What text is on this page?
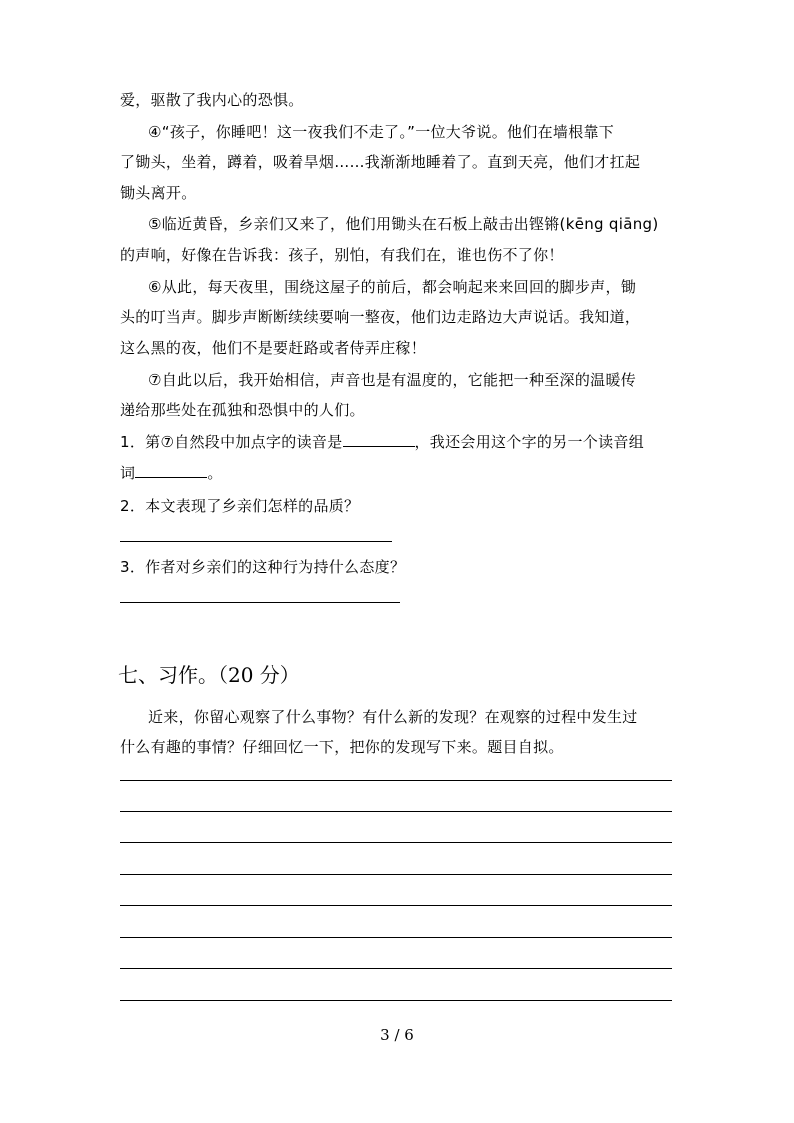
爱，驱散了我内心的恐惧。
④“孩子，你睡吧！这一夜我们不走了。”一位大爷说。他们在墙根靠下
了锄头，坐着，蹲着，吸着旱烟……我渐渐地睡着了。直到天亮，他们才扛起
锄头离开。
⑤临近黄昏，乡亲们又来了，他们用锄头在石板上敲击出铿锵(kēng qiāng)
的声响，好像在告诉我：孩子，别怕，有我们在，谁也伤不了你！
⑥从此，每天夜里，围绕这屋子的前后，都会响起来来回回的脚步声，锄
头的叮当声。脚步声断断续续要响一整夜，他们边走路边大声说话。我知道，
这么黑的夜，他们不是要赶路或者侍弄庄稼！
⑦自此以后，我开始相信，声音也是有温度的，它能把一种至深的温暖传
递给那些处在孤独和恐惧中的人们。
1．第⑦自然段中加点字的读音是	，我还会用这个字的另一个读音组
词	。
2．本文表现了乡亲们怎样的品质？
3．作者对乡亲们的这种行为持什么态度？
七、习作。（20 分）
近来，你留心观察了什么事物？有什么新的发现？在观察的过程中发生过
什么有趣的事情？仔细回忆一下，把你的发现写下来。题目自拟。
3 / 6
